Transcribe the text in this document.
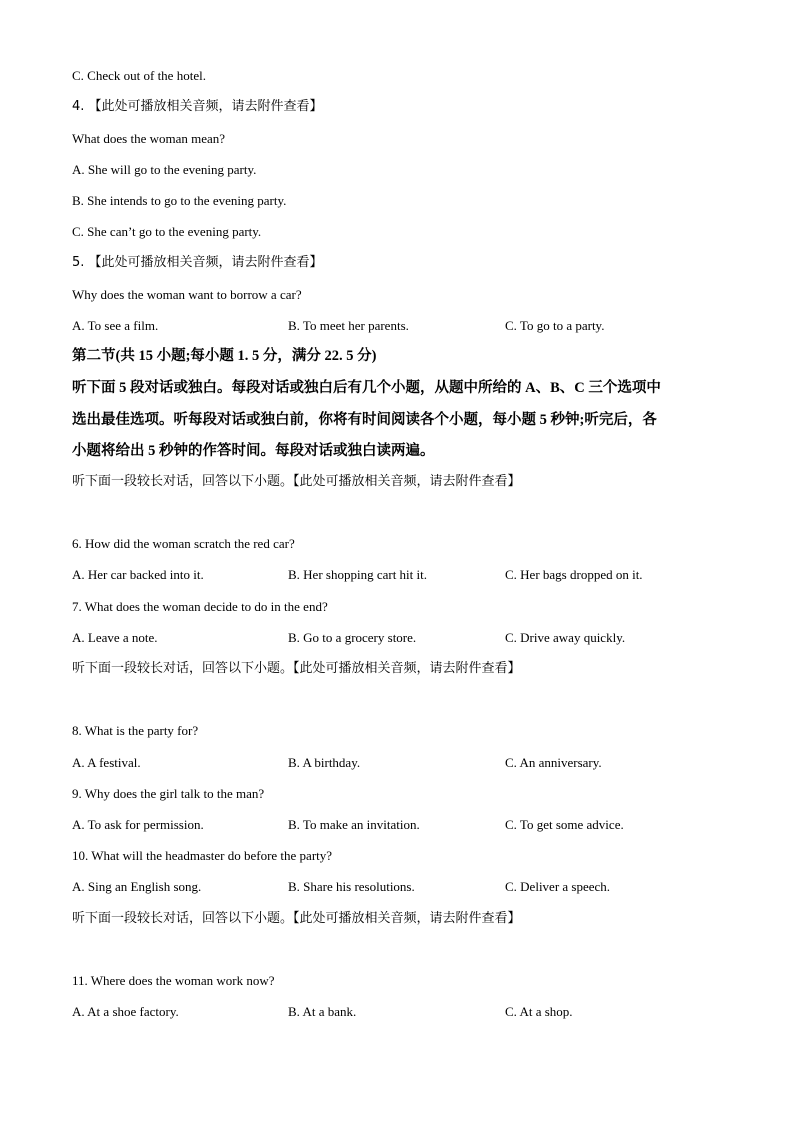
C. Check out of the hotel.
4. 【此处可播放相关音频，请去附件查看】
What does the woman mean?
A. She will go to the evening party.
B. She intends to go to the evening party.
C. She can’t go to the evening party.
5. 【此处可播放相关音频，请去附件查看】
Why does the woman want to borrow a car?
A. To see a film.	B. To meet her parents.	C. To go to a party.
第二节(共 15 小题;每小题 1. 5 分，满分 22. 5 分)
听下面 5 段对话或独白。每段对话或独白后有几个小题，从题中所给的 A、B、C 三个选项中
选出最佳选项。听每段对话或独白前，你将有时间阅读各个小题，每小题 5 秒钟;听完后，各
小题将给出 5 秒钟的作答时间。每段对话或独白读两遍。
听下面一段较长对话，回答以下小题。【此处可播放相关音频，请去附件查看】
6. How did the woman scratch the red car?
A. Her car backed into it.	B. Her shopping cart hit it.	C. Her bags dropped on it.
7. What does the woman decide to do in the end?
A. Leave a note.	B. Go to a grocery store.	C. Drive away quickly.
听下面一段较长对话，回答以下小题。【此处可播放相关音频，请去附件查看】
8. What is the party for?
A. A festival.	B. A birthday.	C. An anniversary.
9. Why does the girl talk to the man?
A. To ask for permission.	B. To make an invitation.	C. To get some advice.
10. What will the headmaster do before the party?
A. Sing an English song.	B. Share his resolutions.	C. Deliver a speech.
听下面一段较长对话，回答以下小题。【此处可播放相关音频，请去附件查看】
11. Where does the woman work now?
A. At a shoe factory.	B. At a bank.	C. At a shop.
